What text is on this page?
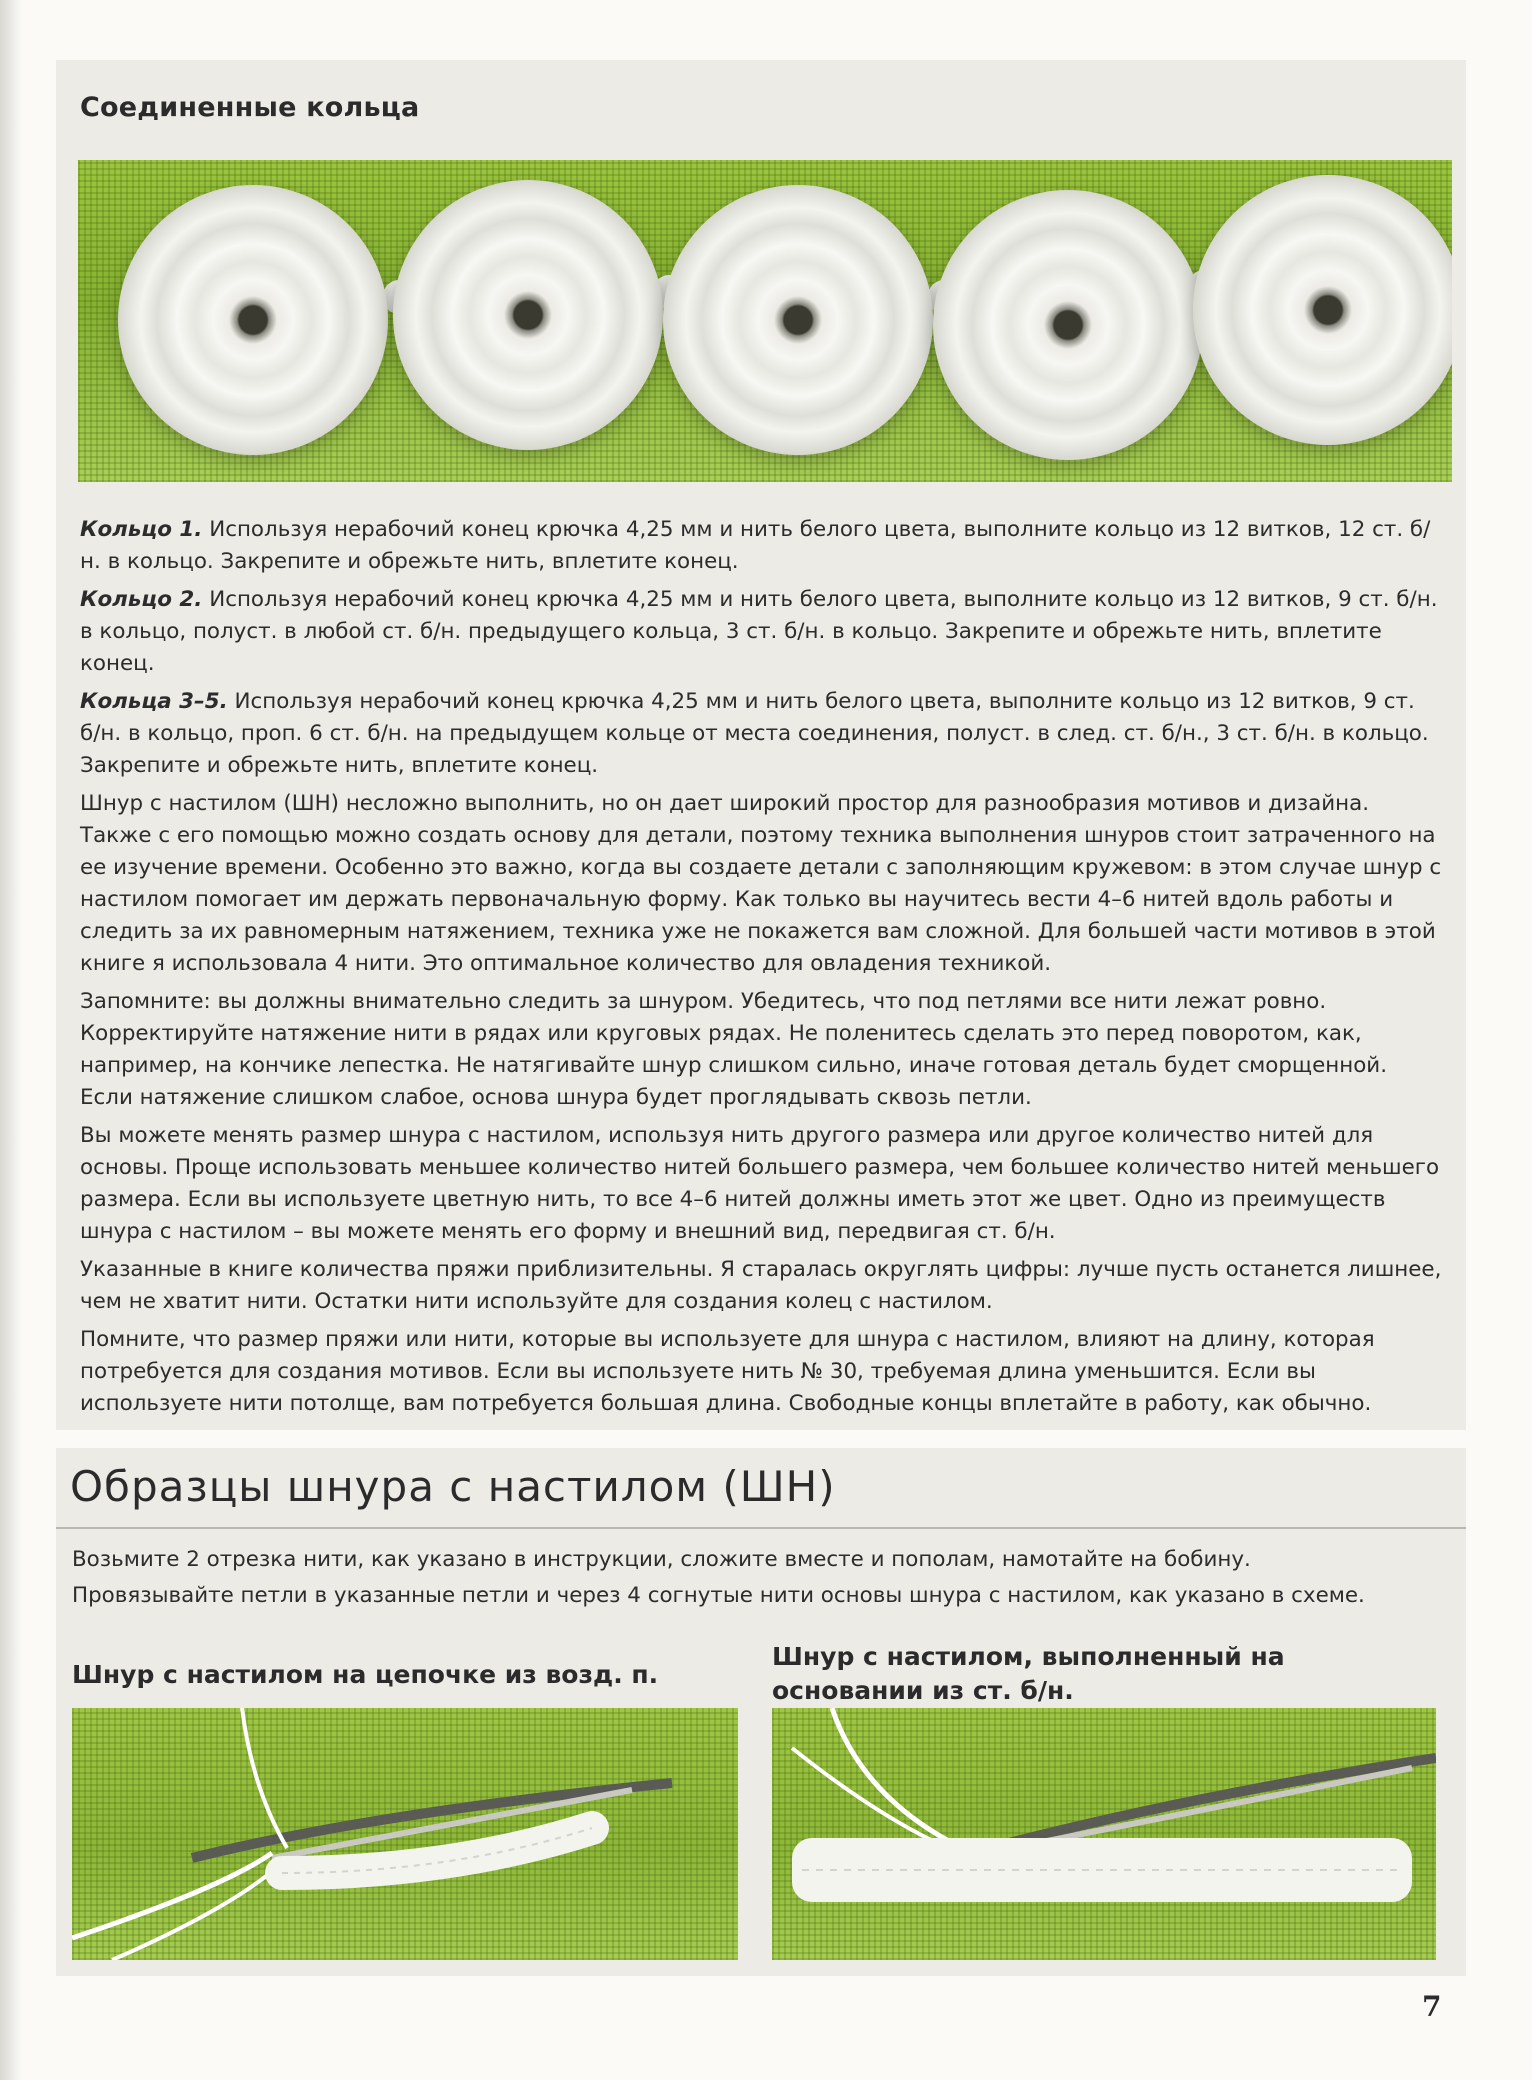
Соединенные кольца

Кольцо 1. Используя нерабочий конец крючка 4,25 мм и нить белого цвета, выполните кольцо из 12 витков, 12 ст. б/н. в кольцо. Закрепите и обрежьте нить, вплетите конец.

Кольцо 2. Используя нерабочий конец крючка 4,25 мм и нить белого цвета, выполните кольцо из 12 витков, 9 ст. б/н. в кольцо, полуст. в любой ст. б/н. предыдущего кольца, 3 ст. б/н. в кольцо. Закрепите и обрежьте нить, вплетите конец.

Кольца 3–5. Используя нерабочий конец крючка 4,25 мм и нить белого цвета, выполните кольцо из 12 витков, 9 ст. б/н. в кольцо, проп. 6 ст. б/н. на предыдущем кольце от места соединения, полуст. в след. ст. б/н., 3 ст. б/н. в кольцо. Закрепите и обрежьте нить, вплетите конец.

Шнур с настилом (ШН) несложно выполнить, но он дает широкий простор для разнообразия мотивов и дизайна. Также с его помощью можно создать основу для детали, поэтому техника выполнения шнуров стоит затраченного на ее изучение времени. Особенно это важно, когда вы создаете детали с заполняющим кружевом: в этом случае шнур с настилом помогает им держать первоначальную форму. Как только вы научитесь вести 4–6 нитей вдоль работы и следить за их равномерным натяжением, техника уже не покажется вам сложной. Для большей части мотивов в этой книге я использовала 4 нити. Это оптимальное количество для овладения техникой.

Запомните: вы должны внимательно следить за шнуром. Убедитесь, что под петлями все нити лежат ровно. Корректируйте натяжение нити в рядах или круговых рядах. Не поленитесь сделать это перед поворотом, как, например, на кончике лепестка. Не натягивайте шнур слишком сильно, иначе готовая деталь будет сморщенной. Если натяжение слишком слабое, основа шнура будет проглядывать сквозь петли.

Вы можете менять размер шнура с настилом, используя нить другого размера или другое количество нитей для основы. Проще использовать меньшее количество нитей большего размера, чем большее количество нитей меньшего размера. Если вы используете цветную нить, то все 4–6 нитей должны иметь этот же цвет. Одно из преимуществ шнура с настилом – вы можете менять его форму и внешний вид, передвигая ст. б/н.

Указанные в книге количества пряжи приблизительны. Я старалась округлять цифры: лучше пусть останется лишнее, чем не хватит нити. Остатки нити используйте для создания колец с настилом.

Помните, что размер пряжи или нити, которые вы используете для шнура с настилом, влияют на длину, которая потребуется для создания мотивов. Если вы используете нить № 30, требуемая длина уменьшится. Если вы используете нити потолще, вам потребуется большая длина. Свободные концы вплетайте в работу, как обычно.

Образцы шнура с настилом (ШН)
Возьмите 2 отрезка нити, как указано в инструкции, сложите вместе и пополам, намотайте на бобину.
Провязывайте петли в указанные петли и через 4 согнутые нити основы шнура с настилом, как указано в схеме.
Шнур с настилом на цепочке из возд. п.
Шнур с настилом, выполненный на основании из ст. б/н.
7
